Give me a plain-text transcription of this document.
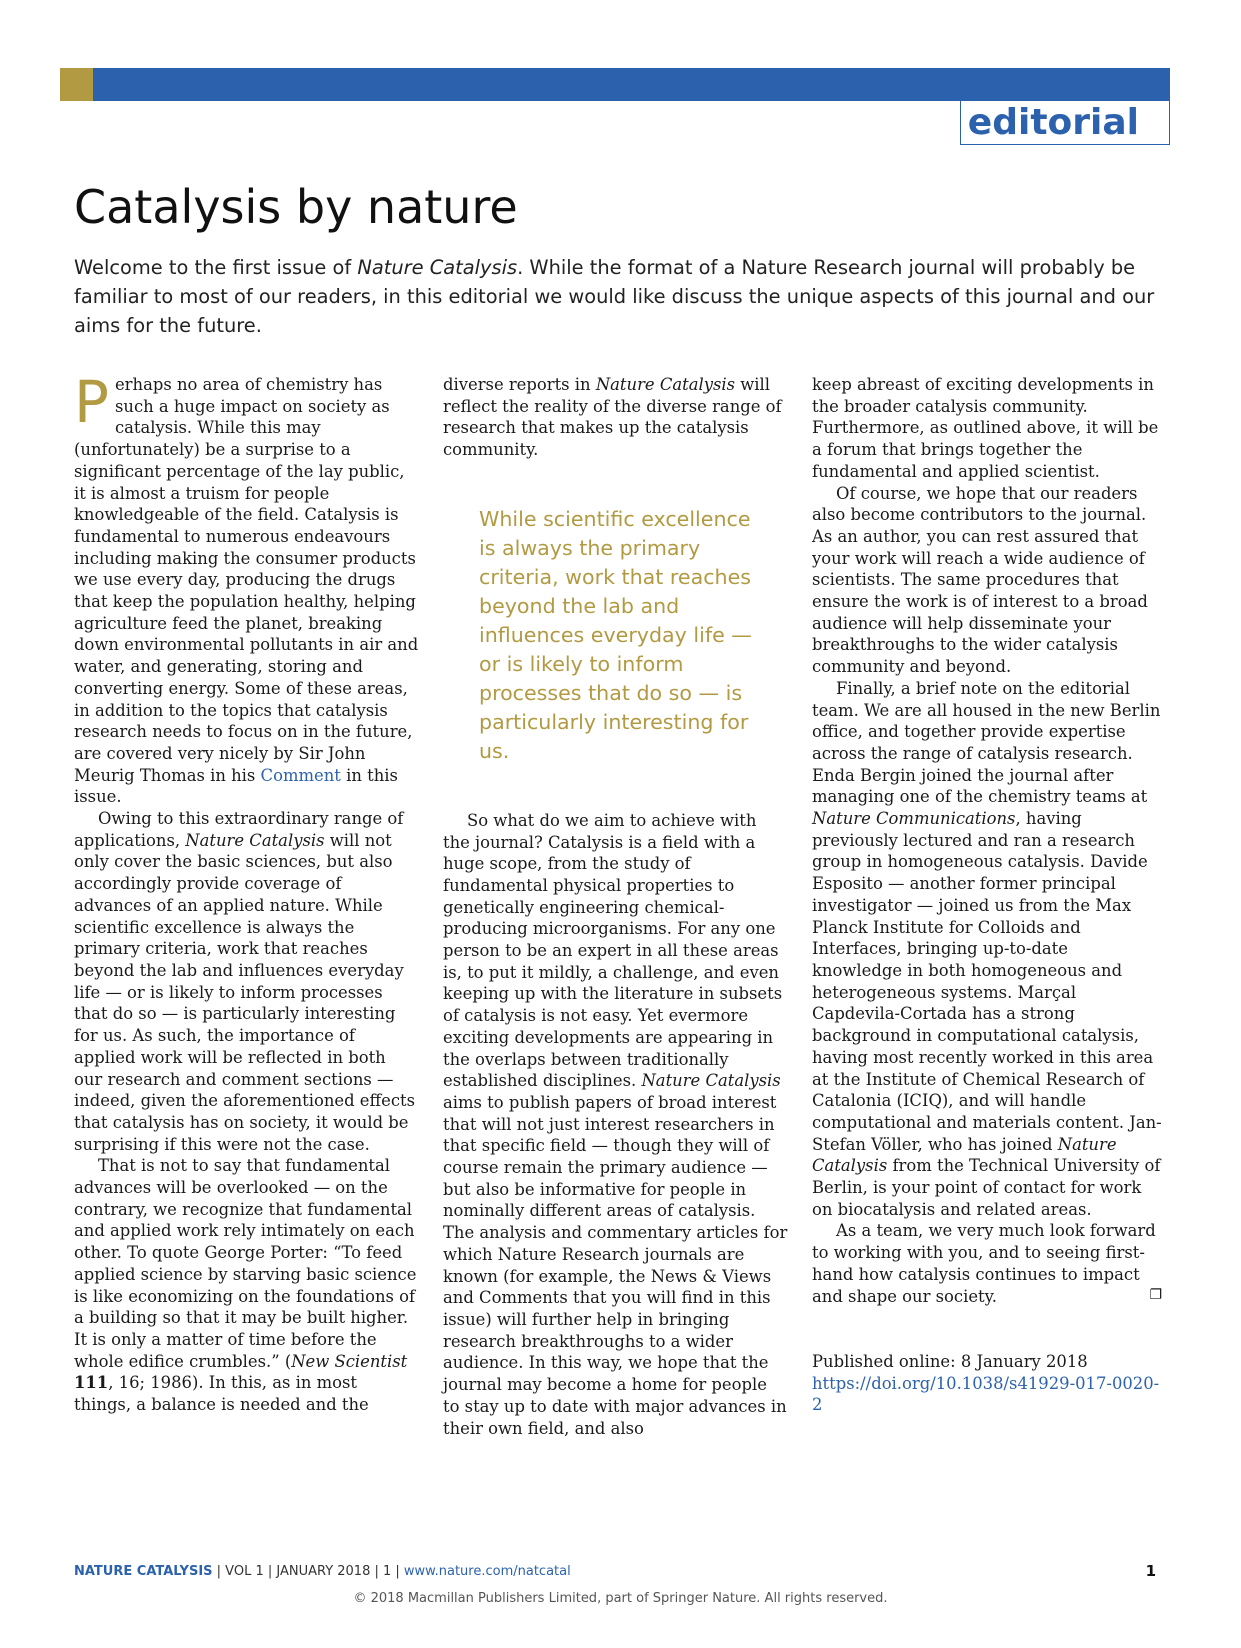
editorial
Catalysis by nature

Welcome to the first issue of Nature Catalysis. While the format of a Nature Research journal will probably be familiar to most of our readers, in this editorial we would like discuss the unique aspects of this journal and our aims for the future.

Perhaps no area of chemistry has such a huge impact on society as catalysis. While this may (unfortunately) be a surprise to a significant percentage of the lay public, it is almost a truism for people knowledgeable of the field. Catalysis is fundamental to numerous endeavours including making the consumer products we use every day, producing the drugs that keep the population healthy, helping agriculture feed the planet, breaking down environmental pollutants in air and water, and generating, storing and converting energy. Some of these areas, in addition to the topics that catalysis research needs to focus on in the future, are covered very nicely by Sir John Meurig Thomas in his Comment in this issue.

Owing to this extraordinary range of applications, Nature Catalysis will not only cover the basic sciences, but also accordingly provide coverage of advances of an applied nature. While scientific excellence is always the primary criteria, work that reaches beyond the lab and influences everyday life — or is likely to inform processes that do so — is particularly interesting for us. As such, the importance of applied work will be reflected in both our research and comment sections — indeed, given the aforementioned effects that catalysis has on society, it would be surprising if this were not the case.

That is not to say that fundamental advances will be overlooked — on the contrary, we recognize that fundamental and applied work rely intimately on each other. To quote George Porter: “To feed applied science by starving basic science is like economizing on the foundations of a building so that it may be built higher. It is only a matter of time before the whole edifice crumbles.” (New Scientist 111, 16; 1986). In this, as in most things, a balance is needed and the

diverse reports in Nature Catalysis will reflect the reality of the diverse range of research that makes up the catalysis community.

While scientific excellence is always the primary criteria, work that reaches beyond the lab and influences everyday life — or is likely to inform processes that do so — is particularly interesting for us.

So what do we aim to achieve with the journal? Catalysis is a field with a huge scope, from the study of fundamental physical properties to genetically engineering chemical-producing microorganisms. For any one person to be an expert in all these areas is, to put it mildly, a challenge, and even keeping up with the literature in subsets of catalysis is not easy. Yet evermore exciting developments are appearing in the overlaps between traditionally established disciplines. Nature Catalysis aims to publish papers of broad interest that will not just interest researchers in that specific field — though they will of course remain the primary audience — but also be informative for people in nominally different areas of catalysis. The analysis and commentary articles for which Nature Research journals are known (for example, the News & Views and Comments that you will find in this issue) will further help in bringing research breakthroughs to a wider audience. In this way, we hope that the journal may become a home for people to stay up to date with major advances in their own field, and also

keep abreast of exciting developments in the broader catalysis community. Furthermore, as outlined above, it will be a forum that brings together the fundamental and applied scientist.

Of course, we hope that our readers also become contributors to the journal. As an author, you can rest assured that your work will reach a wide audience of scientists. The same procedures that ensure the work is of interest to a broad audience will help disseminate your breakthroughs to the wider catalysis community and beyond.

Finally, a brief note on the editorial team. We are all housed in the new Berlin office, and together provide expertise across the range of catalysis research. Enda Bergin joined the journal after managing one of the chemistry teams at Nature Communications, having previously lectured and ran a research group in homogeneous catalysis. Davide Esposito — another former principal investigator — joined us from the Max Planck Institute for Colloids and Interfaces, bringing up-to-date knowledge in both homogeneous and heterogeneous systems. Marçal Capdevila-Cortada has a strong background in computational catalysis, having most recently worked in this area at the Institute of Chemical Research of Catalonia (ICIQ), and will handle computational and materials content. Jan-Stefan Völler, who has joined Nature Catalysis from the Technical University of Berlin, is your point of contact for work on biocatalysis and related areas.

As a team, we very much look forward to working with you, and to seeing first-hand how catalysis continues to impact and shape our society.	❐
Published online: 8 January 2018
https://doi.org/10.1038/s41929-017-0020-2
NATURE CATALYSIS | VOL 1 | JANUARY 2018 | 1 | www.nature.com/natcatal	1
© 2018 Macmillan Publishers Limited, part of Springer Nature. All rights reserved.
